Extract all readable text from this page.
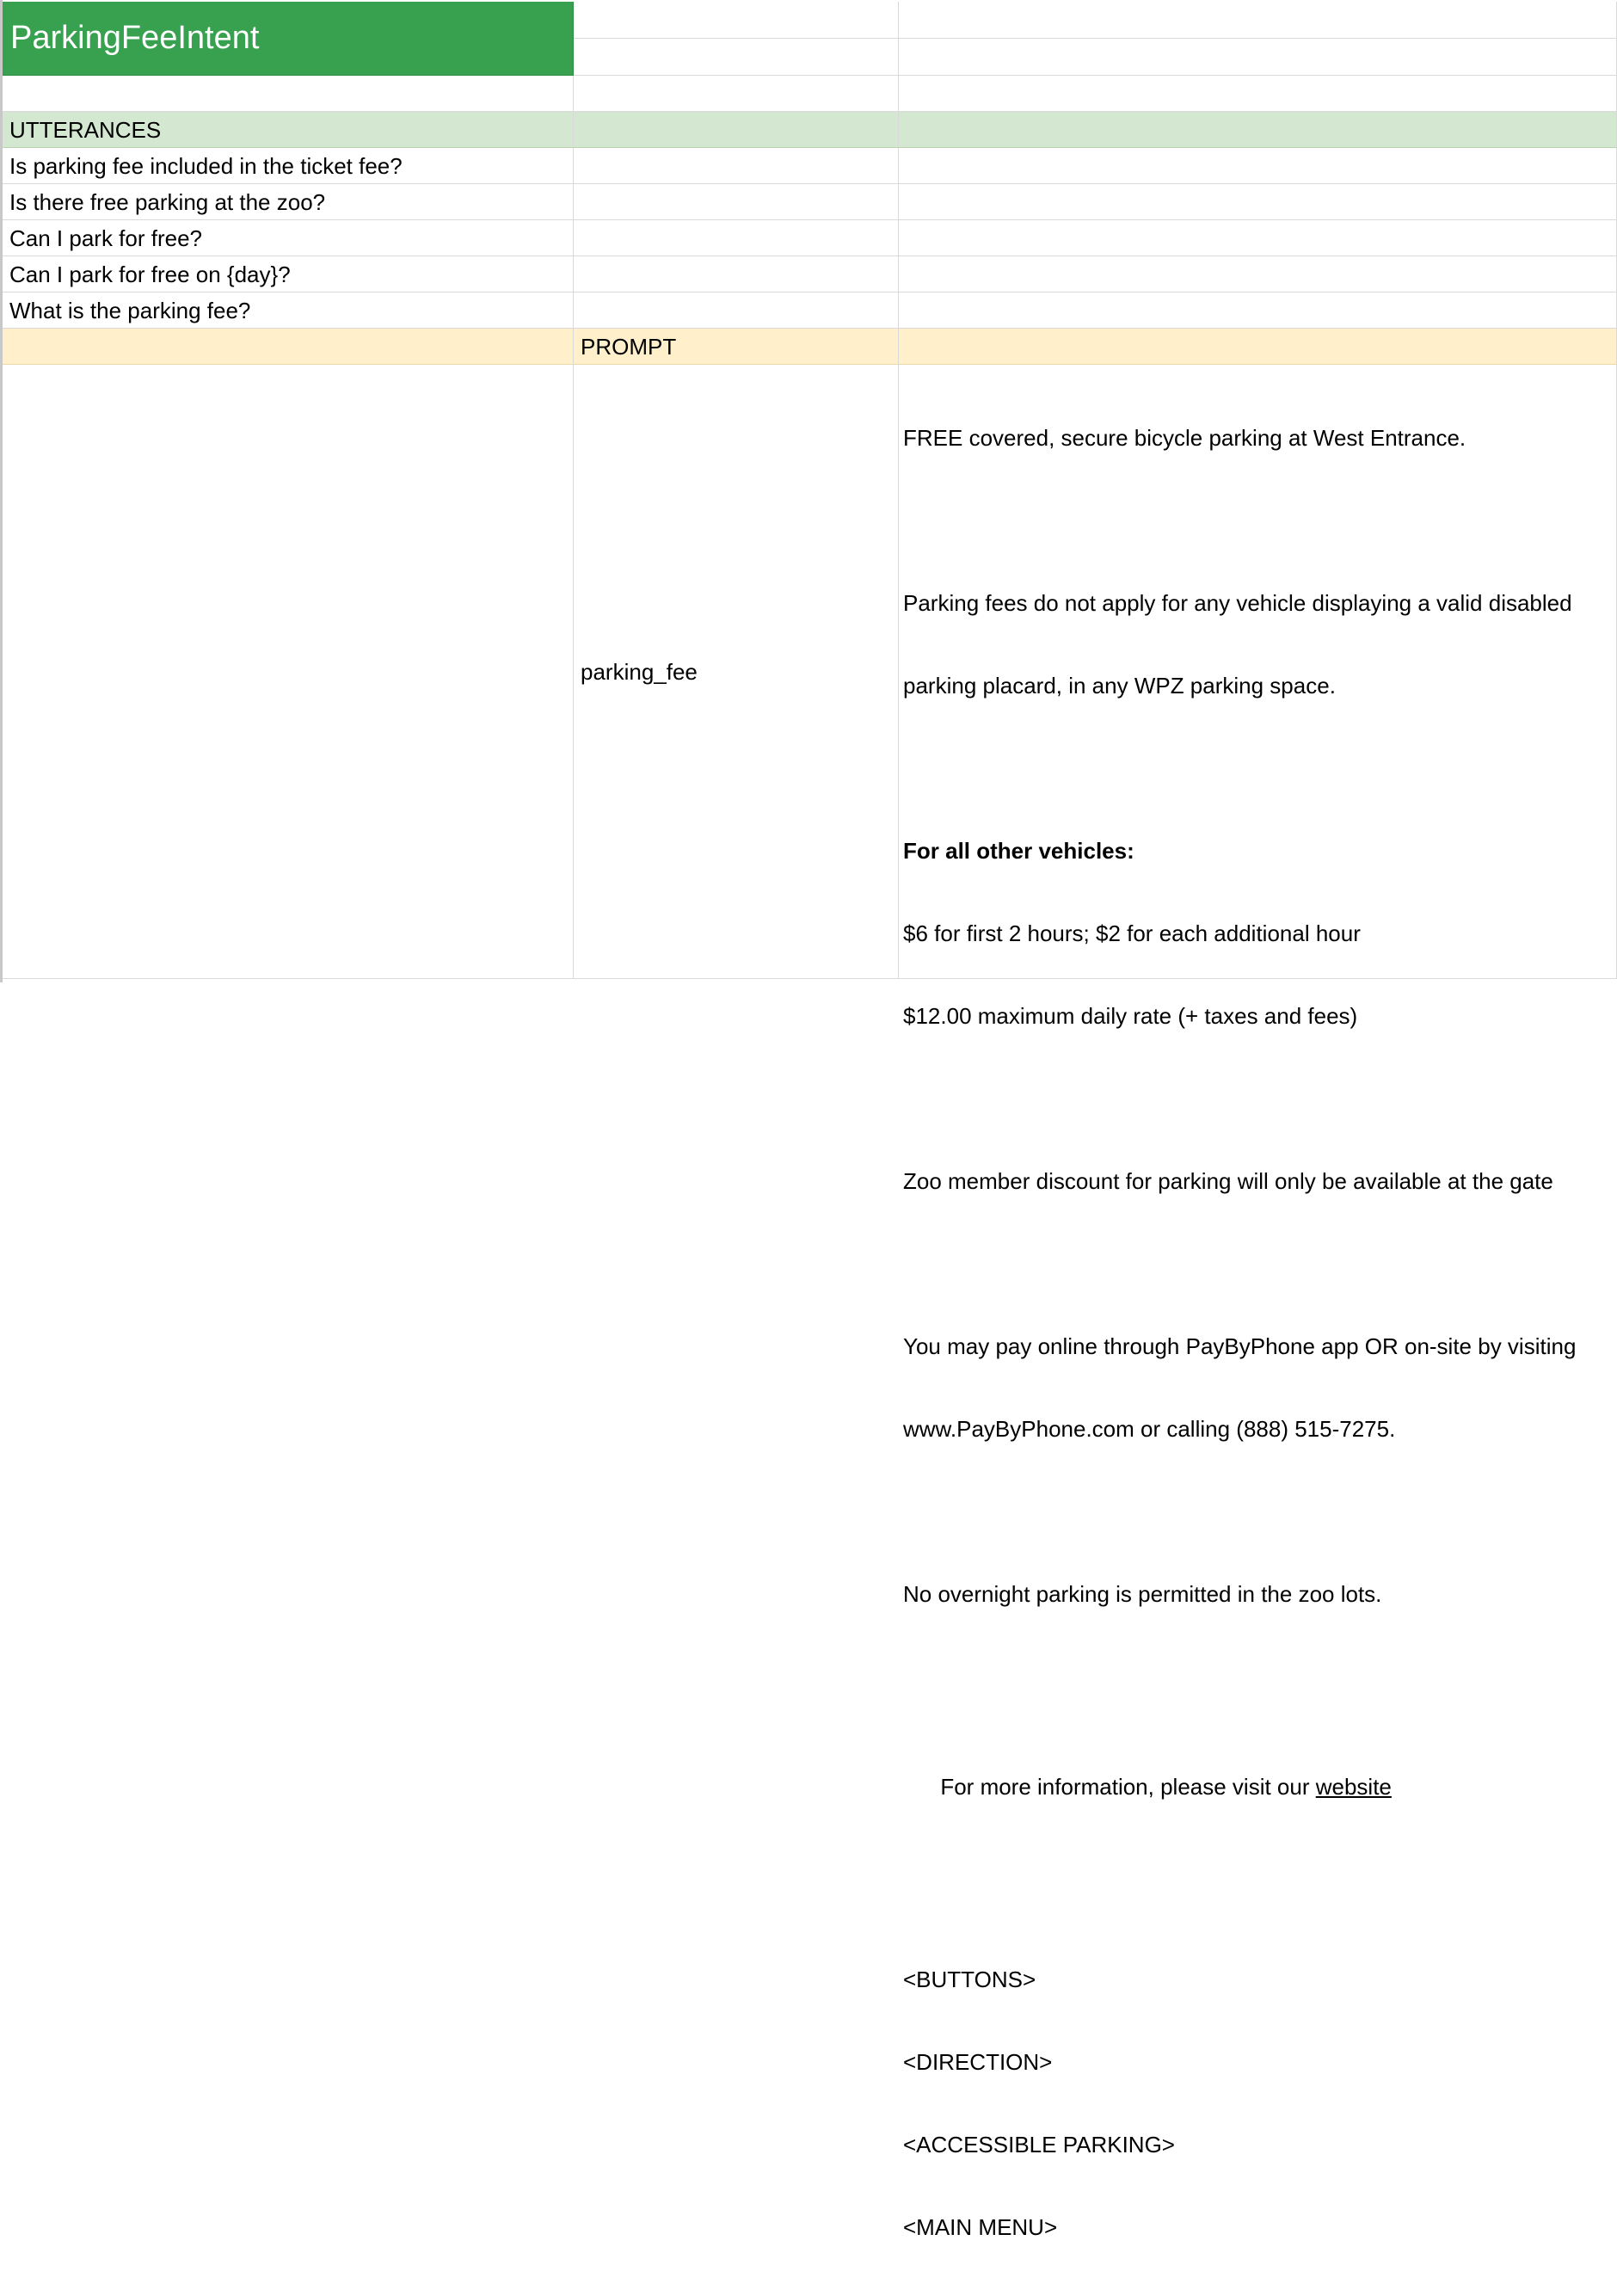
ParkingFeeIntent
UTTERANCES
Is parking fee included in the ticket fee?
Is there free parking at the zoo?
Can I park for free?
Can I park for free on {day}?
What is the parking fee?
PROMPT
parking_fee

FREE covered, secure bicycle parking at West Entrance.

Parking fees do not apply for any vehicle displaying a valid disabled

parking placard, in any WPZ parking space.

For all other vehicles:

$6 for first 2 hours; $2 for each additional hour

$12.00 maximum daily rate (+ taxes and fees)

Zoo member discount for parking will only be available at the gate

You may pay online through PayByPhone app OR on-site by visiting

www.PayByPhone.com or calling (888) 515-7275.

No overnight parking is permitted in the zoo lots.

For more information, please visit our website

<BUTTONS>

<DIRECTION>

<ACCESSIBLE PARKING>

<MAIN MENU>
